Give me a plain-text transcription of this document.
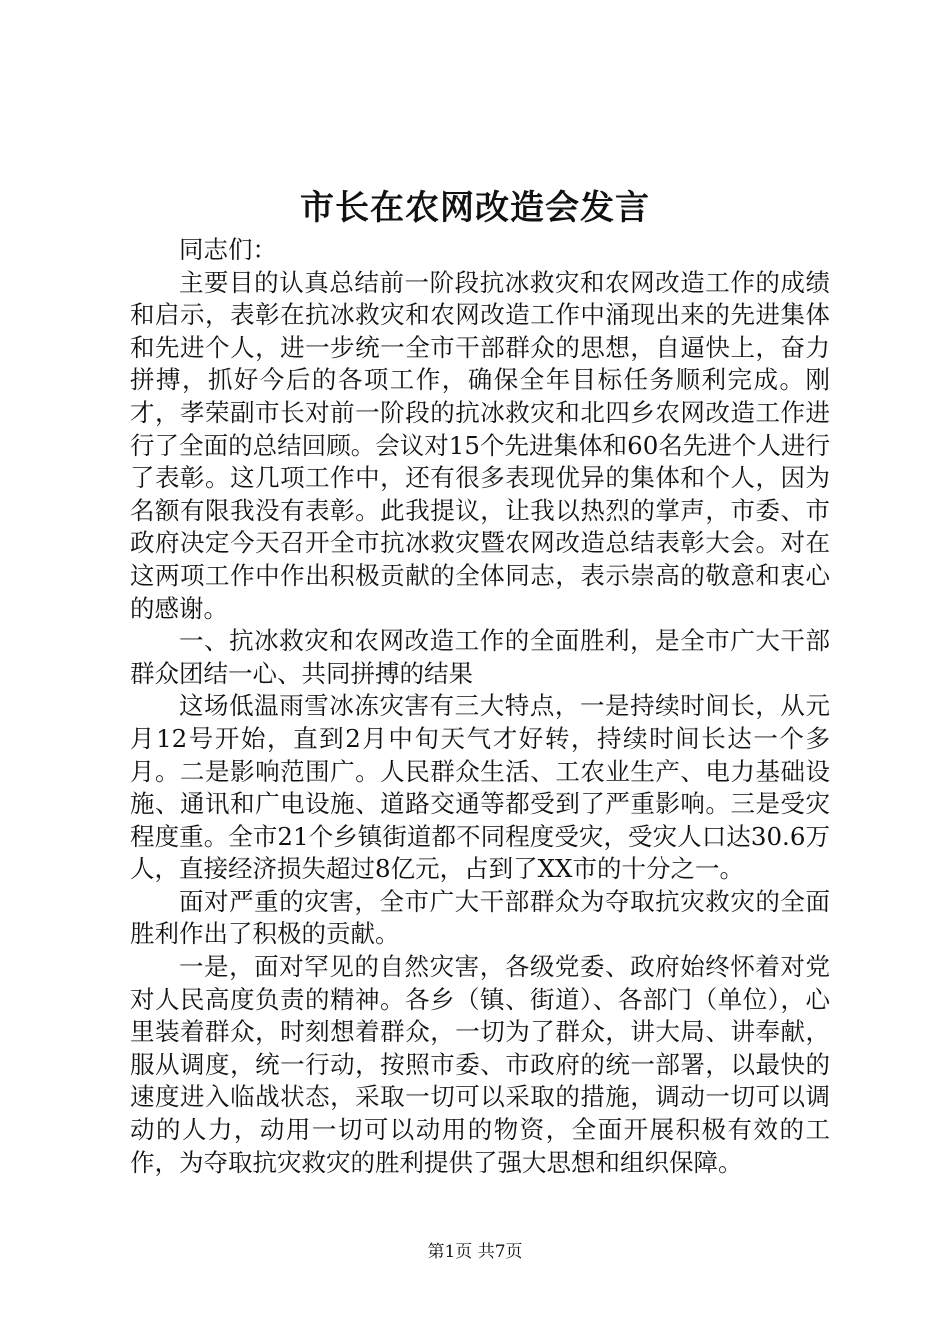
市长在农网改造会发言

同志们：

主要目的认真总结前一阶段抗冰救灾和农网改造工作的成绩和启示，表彰在抗冰救灾和农网改造工作中涌现出来的先进集体和先进个人，进一步统一全市干部群众的思想，自逼快上，奋力拼搏，抓好今后的各项工作，确保全年目标任务顺利完成。刚才，孝荣副市长对前一阶段的抗冰救灾和北四乡农网改造工作进行了全面的总结回顾。会议对15个先进集体和60名先进个人进行了表彰。这几项工作中，还有很多表现优异的集体和个人，因为名额有限我没有表彰。此我提议，让我以热烈的掌声，市委、市政府决定今天召开全市抗冰救灾暨农网改造总结表彰大会。对在这两项工作中作出积极贡献的全体同志，表示崇高的敬意和衷心的感谢。

一、抗冰救灾和农网改造工作的全面胜利，是全市广大干部群众团结一心、共同拼搏的结果

这场低温雨雪冰冻灾害有三大特点，一是持续时间长，从元月12号开始，直到2月中旬天气才好转，持续时间长达一个多月。二是影响范围广。人民群众生活、工农业生产、电力基础设施、通讯和广电设施、道路交通等都受到了严重影响。三是受灾程度重。全市21个乡镇街道都不同程度受灾，受灾人口达30.6万人，直接经济损失超过8亿元，占到了XX市的十分之一。

面对严重的灾害，全市广大干部群众为夺取抗灾救灾的全面胜利作出了积极的贡献。

一是，面对罕见的自然灾害，各级党委、政府始终怀着对党对人民高度负责的精神。各乡（镇、街道）、各部门（单位），心里装着群众，时刻想着群众，一切为了群众，讲大局、讲奉献，服从调度，统一行动，按照市委、市政府的统一部署，以最快的速度进入临战状态，采取一切可以采取的措施，调动一切可以调动的人力，动用一切可以动用的物资，全面开展积极有效的工作，为夺取抗灾救灾的胜利提供了强大思想和组织保障。

第1页 共7页
